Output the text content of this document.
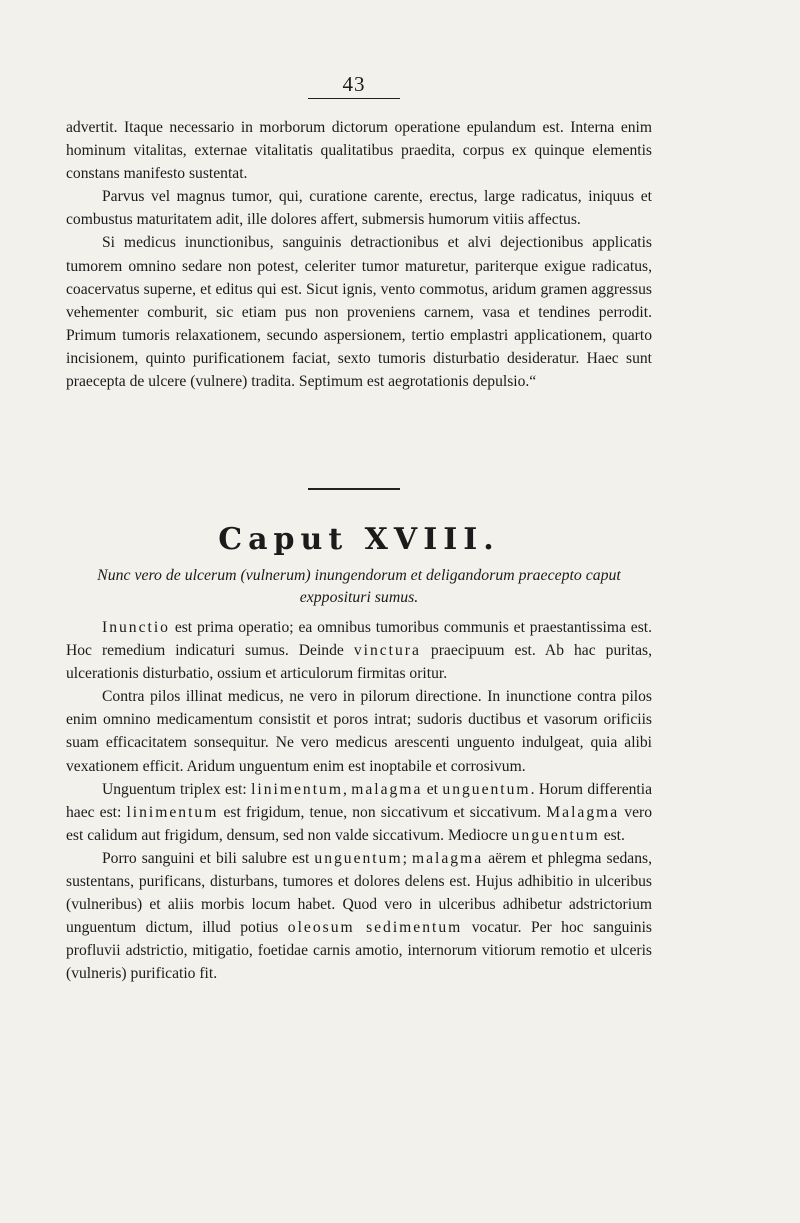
43

advertit. Itaque necessario in morborum dictorum operatione epulandum est. Interna enim hominum vitalitas, externae vitalitatis qualitatibus praedita, corpus ex quinque elementis constans manifesto sustentat.

Parvus vel magnus tumor, qui, curatione carente, erectus, large radicatus, iniquus et combustus maturitatem adit, ille dolores affert, submersis humorum vitiis affectus.

Si medicus inunctionibus, sanguinis detractionibus et alvi dejectionibus applicatis tumorem omnino sedare non potest, celeriter tumor maturetur, pariterque exigue radicatus, coacervatus superne, et editus qui est. Sicut ignis, vento commotus, aridum gramen aggressus vehementer comburit, sic etiam pus non proveniens carnem, vasa et tendines perrodit. Primum tumoris relaxationem, secundo aspersionem, tertio emplastri applicationem, quarto incisionem, quinto purificationem faciat, sexto tumoris disturbatio desideratur. Haec sunt praecepta de ulcere (vulnere) tradita. Septimum est aegrotationis depulsio.“

Caput XVIII.
Nunc vero de ulcerum (vulnerum) inungendorum et deligandorum praecepto caput expposituri sumus.

Inunctio est prima operatio; ea omnibus tumoribus communis et praestantissima est. Hoc remedium indicaturi sumus. Deinde vinctura praecipuum est. Ab hac puritas, ulcerationis disturbatio, ossium et articulorum firmitas oritur.

Contra pilos illinat medicus, ne vero in pilorum directione. In inunctione contra pilos enim omnino medicamentum consistit et poros intrat; sudoris ductibus et vasorum orificiis suam efficacitatem sonsequitur. Ne vero medicus arescenti unguento indulgeat, quia alibi vexationem efficit. Aridum unguentum enim est inoptabile et corrosivum.

Unguentum triplex est: linimentum, malagma et unguentum. Horum differentia haec est: linimentum est frigidum, tenue, non siccativum et siccativum. Malagma vero est calidum aut frigidum, densum, sed non valde siccativum. Mediocre unguentum est.

Porro sanguini et bili salubre est unguentum; malagma aërem et phlegma sedans, sustentans, purificans, disturbans, tumores et dolores delens est. Hujus adhibitio in ulceribus (vulneribus) et aliis morbis locum habet. Quod vero in ulceribus adhibetur adstrictorium unguentum dictum, illud potius oleosum sedimentum vocatur. Per hoc sanguinis profluvii adstrictio, mitigatio, foetidae carnis amotio, internorum vitiorum remotio et ulceris (vulneris) purificatio fit.
